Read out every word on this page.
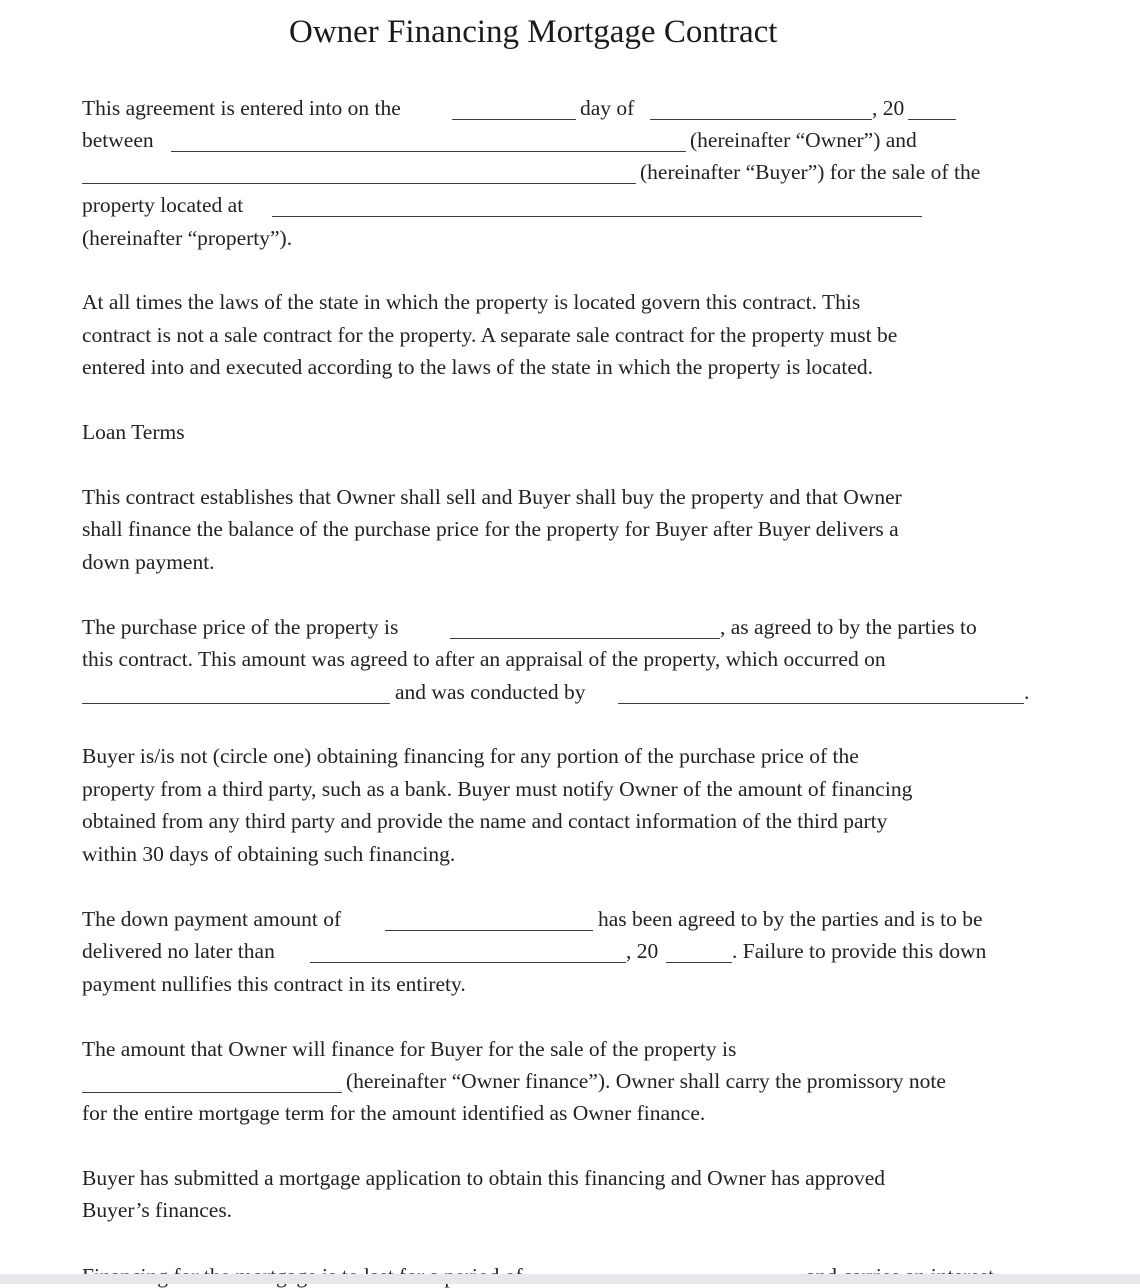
Owner Financing Mortgage Contract
This agreement is entered into on the	day of	, 20
between	(hereinafter “Owner”) and
(hereinafter “Buyer”) for the sale of the
property located at
(hereinafter “property”).
At all times the laws of the state in which the property is located govern this contract. This
contract is not a sale contract for the property. A separate sale contract for the property must be
entered into and executed according to the laws of the state in which the property is located.
Loan Terms
This contract establishes that Owner shall sell and Buyer shall buy the property and that Owner
shall finance the balance of the purchase price for the property for Buyer after Buyer delivers a
down payment.
The purchase price of the property is	, as agreed to by the parties to
this contract. This amount was agreed to after an appraisal of the property, which occurred on
and was conducted by	.
Buyer is/is not (circle one) obtaining financing for any portion of the purchase price of the
property from a third party, such as a bank. Buyer must notify Owner of the amount of financing
obtained from any third party and provide the name and contact information of the third party
within 30 days of obtaining such financing.
The down payment amount of	has been agreed to by the parties and is to be
delivered no later than	, 20	. Failure to provide this down
payment nullifies this contract in its entirety.
The amount that Owner will finance for Buyer for the sale of the property is
(hereinafter “Owner finance”). Owner shall carry the promissory note
for the entire mortgage term for the amount identified as Owner finance.
Buyer has submitted a mortgage application to obtain this financing and Owner has approved
Buyer’s finances.
